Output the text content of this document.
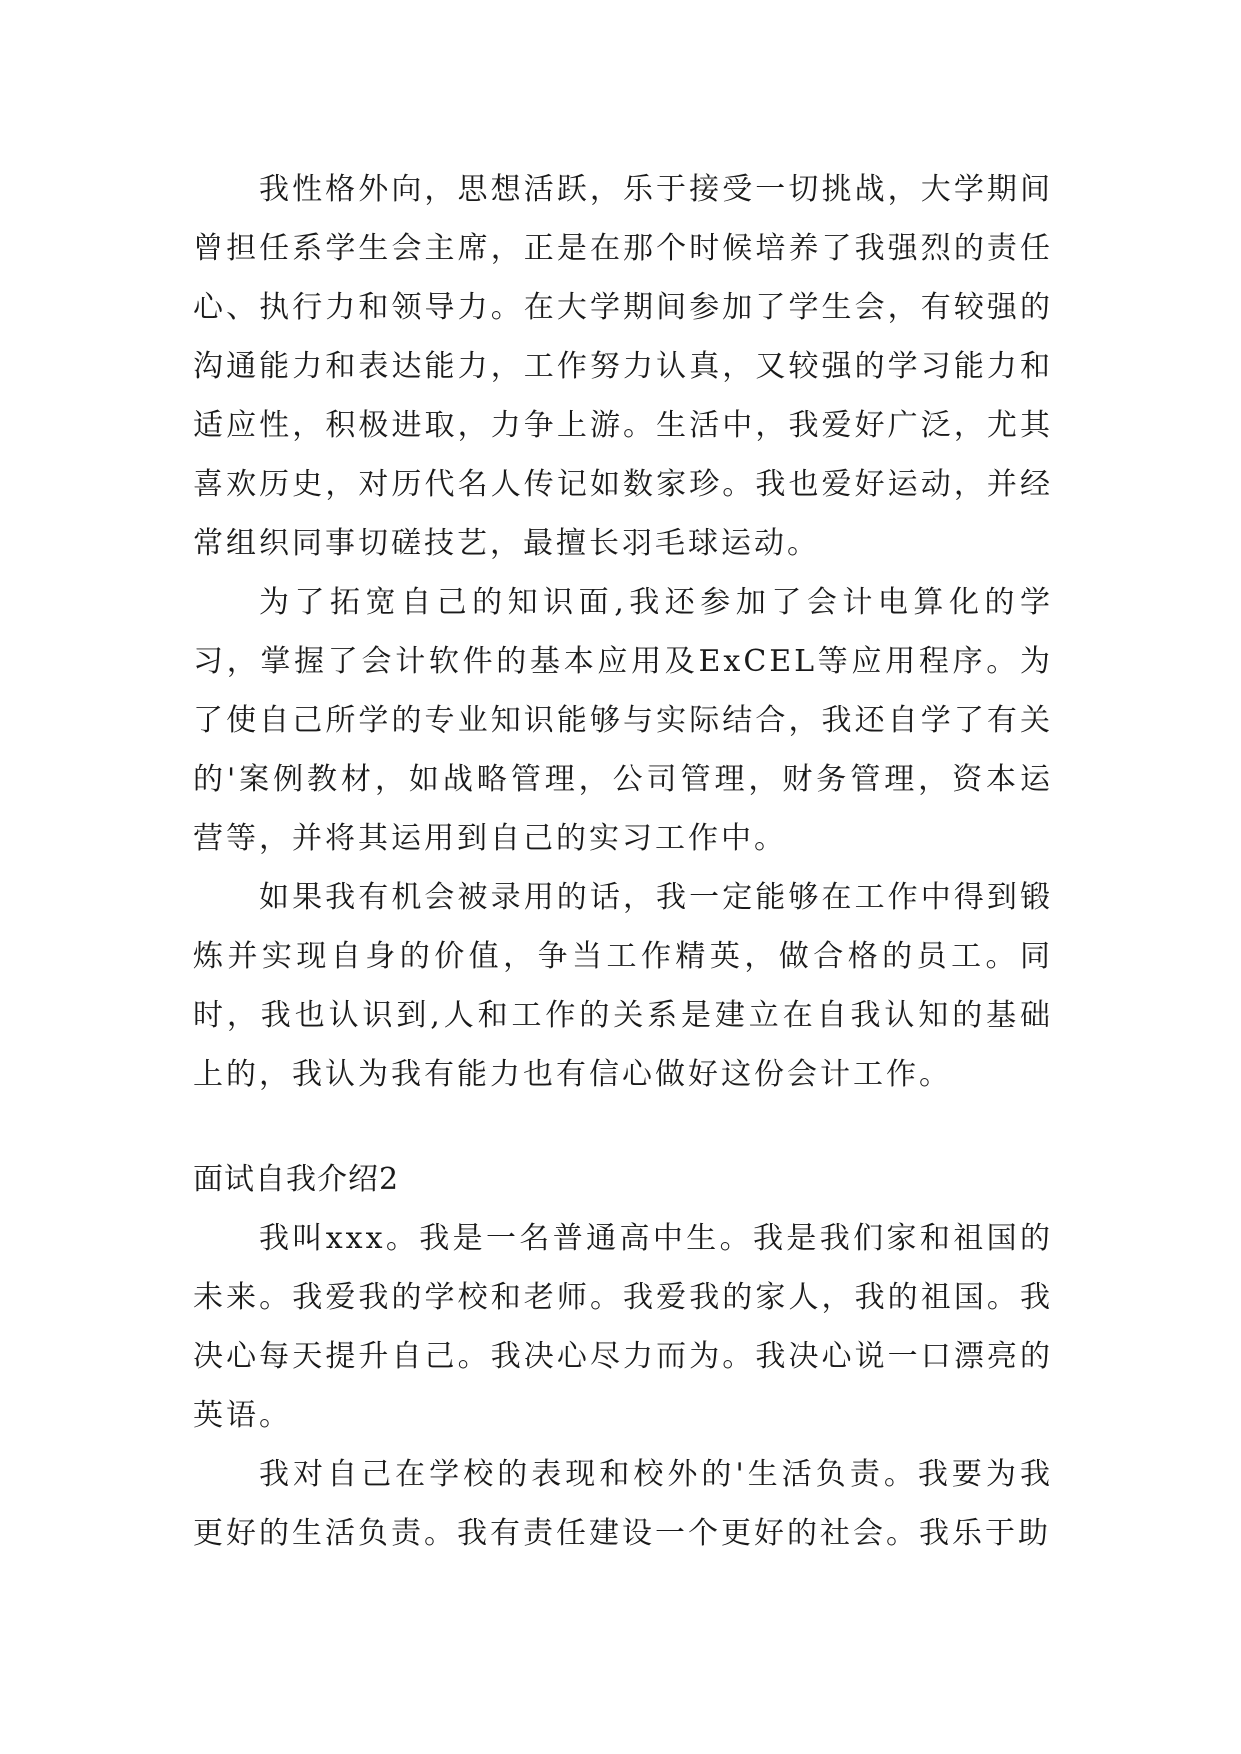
我性格外向，思想活跃，乐于接受一切挑战，大学期间曾担任系学生会主席，正是在那个时候培养了我强烈的责任心、执行力和领导力。在大学期间参加了学生会，有较强的沟通能力和表达能力，工作努力认真，又较强的学习能力和适应性，积极进取，力争上游。生活中，我爱好广泛，尤其喜欢历史，对历代名人传记如数家珍。我也爱好运动，并经常组织同事切磋技艺，最擅长羽毛球运动。

为了拓宽自己的知识面,我还参加了会计电算化的学习，掌握了会计软件的基本应用及ExCEL等应用程序。为了使自己所学的专业知识能够与实际结合，我还自学了有关的'案例教材，如战略管理，公司管理，财务管理，资本运营等，并将其运用到自己的实习工作中。

如果我有机会被录用的话，我一定能够在工作中得到锻炼并实现自身的价值，争当工作精英，做合格的员工。同时，我也认识到,人和工作的关系是建立在自我认知的基础上的，我认为我有能力也有信心做好这份会计工作。

面试自我介绍2

我叫xxx。我是一名普通高中生。我是我们家和祖国的未来。我爱我的学校和老师。我爱我的家人，我的祖国。我决心每天提升自己。我决心尽力而为。我决心说一口漂亮的英语。

我对自己在学校的表现和校外的'生活负责。我要为我更好的生活负责。我有责任建设一个更好的社会。我乐于助
